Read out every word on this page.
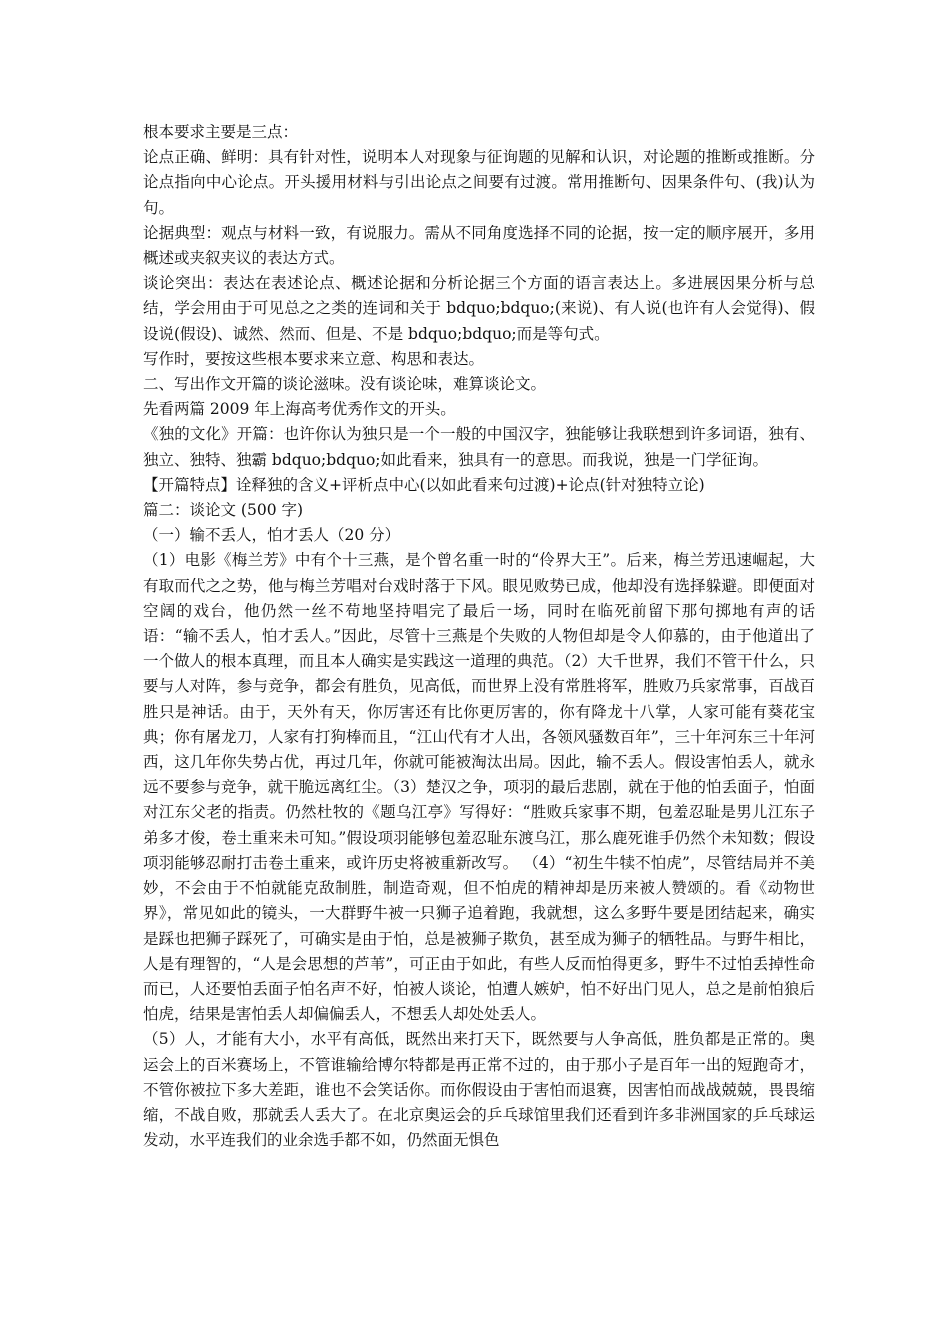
根本要求主要是三点：

论点正确、鲜明：具有针对性，说明本人对现象与征询题的见解和认识，对论题的推断或推断。分论点指向中心论点。开头援用材料与引出论点之间要有过渡。常用推断句、因果条件句、(我)认为句。

论据典型：观点与材料一致，有说服力。需从不同角度选择不同的论据，按一定的顺序展开，多用概述或夹叙夹议的表达方式。

谈论突出：表达在表述论点、概述论据和分析论据三个方面的语言表达上。多进展因果分析与总结，学会用由于可见总之之类的连词和关于 bdquo;bdquo;(来说)、有人说(也许有人会觉得)、假设说(假设)、诚然、然而、但是、不是 bdquo;bdquo;而是等句式。

写作时，要按这些根本要求来立意、构思和表达。

二、写出作文开篇的谈论滋味。没有谈论味，难算谈论文。

先看两篇 2009 年上海高考优秀作文的开头。

《独的文化》开篇：也许你认为独只是一个一般的中国汉字，独能够让我联想到许多词语，独有、独立、独特、独霸 bdquo;bdquo;如此看来，独具有一的意思。而我说，独是一门学征询。

【开篇特点】诠释独的含义+评析点中心(以如此看来句过渡)+论点(针对独特立论)

篇二：谈论文 (500 字)

（一）输不丢人，怕才丢人（20 分）

（1）电影《梅兰芳》中有个十三燕，是个曾名重一时的“伶界大王”。后来，梅兰芳迅速崛起，大有取而代之之势，他与梅兰芳唱对台戏时落于下风。眼见败势已成，他却没有选择躲避。即便面对空阔的戏台，他仍然一丝不苟地坚持唱完了最后一场，同时在临死前留下那句掷地有声的话语：“输不丢人，怕才丢人。”因此，尽管十三燕是个失败的人物但却是令人仰慕的，由于他道出了一个做人的根本真理，而且本人确实是实践这一道理的典范。（2）大千世界，我们不管干什么，只要与人对阵，参与竞争，都会有胜负，见高低，而世界上没有常胜将军，胜败乃兵家常事，百战百胜只是神话。由于，天外有天，你厉害还有比你更厉害的，你有降龙十八掌，人家可能有葵花宝典；你有屠龙刀，人家有打狗棒而且，“江山代有才人出，各领风骚数百年”，三十年河东三十年河西，这几年你失势占优，再过几年，你就可能被淘汰出局。因此，输不丢人。假设害怕丢人，就永远不要参与竞争，就干脆远离红尘。（3）楚汉之争，项羽的最后悲剧，就在于他的怕丢面子，怕面对江东父老的指责。仍然杜牧的《题乌江亭》写得好：“胜败兵家事不期，包羞忍耻是男儿江东子弟多才俊，卷土重来未可知。”假设项羽能够包羞忍耻东渡乌江，那么鹿死谁手仍然个未知数；假设项羽能够忍耐打击卷土重来，或许历史将被重新改写。 （4）“初生牛犊不怕虎”，尽管结局并不美妙，不会由于不怕就能克敌制胜，制造奇观，但不怕虎的精神却是历来被人赞颂的。看《动物世界》，常见如此的镜头，一大群野牛被一只狮子追着跑，我就想，这么多野牛要是团结起来，确实是踩也把狮子踩死了，可确实是由于怕，总是被狮子欺负，甚至成为狮子的牺牲品。与野牛相比，人是有理智的，“人是会思想的芦苇”，可正由于如此，有些人反而怕得更多，野牛不过怕丢掉性命而已，人还要怕丢面子怕名声不好，怕被人谈论，怕遭人嫉妒，怕不好出门见人，总之是前怕狼后怕虎，结果是害怕丢人却偏偏丢人，不想丢人却处处丢人。

（5）人，才能有大小，水平有高低，既然出来打天下，既然要与人争高低，胜负都是正常的。奥运会上的百米赛场上，不管谁输给博尔特都是再正常不过的，由于那小子是百年一出的短跑奇才，不管你被拉下多大差距，谁也不会笑话你。而你假设由于害怕而退赛，因害怕而战战兢兢，畏畏缩缩，不战自败，那就丢人丢大了。在北京奥运会的乒乓球馆里我们还看到许多非洲国家的乒乓球运发动，水平连我们的业余选手都不如，仍然面无惧色
